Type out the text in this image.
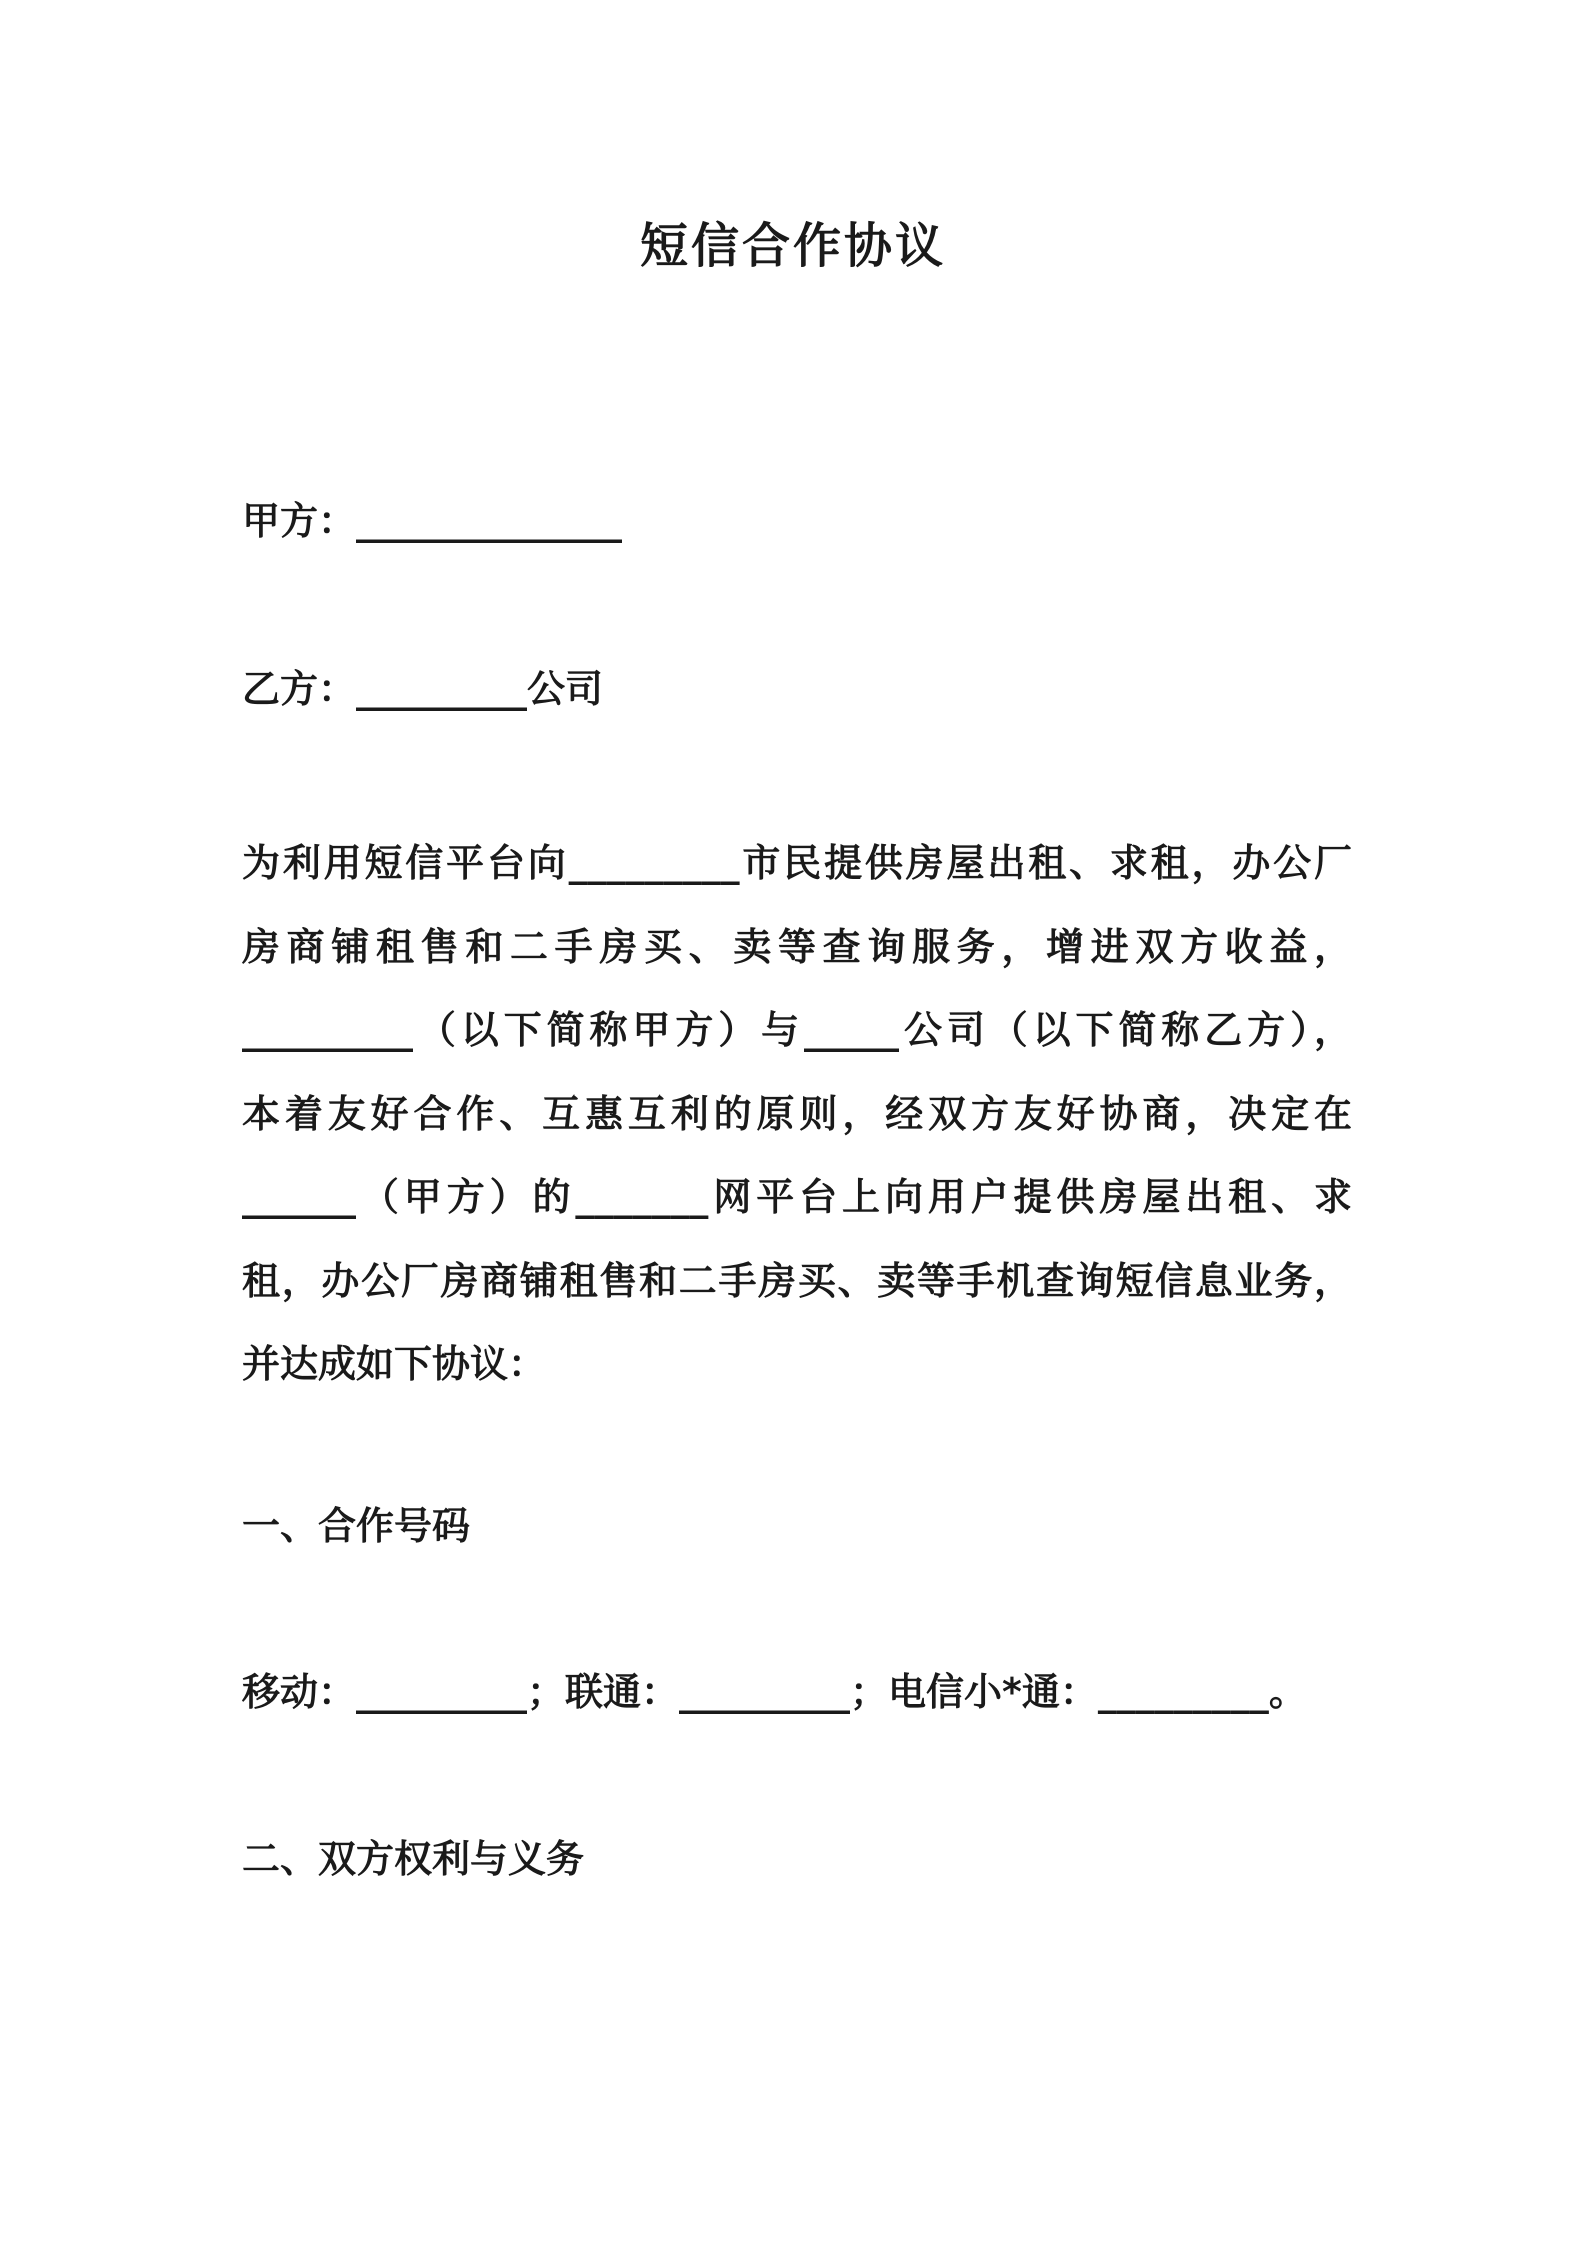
短信合作协议
甲方：______________
乙方：_________公司
为利用短信平台向_________市民提供房屋出租、求租，办公厂
房商铺租售和二手房买、卖等查询服务，增进双方收益，
_________（以下简称甲方）与_____公司（以下简称乙方），
本着友好合作、互惠互利的原则，经双方友好协商，决定在
______（甲方）的_______网平台上向用户提供房屋出租、求
租，办公厂房商铺租售和二手房买、卖等手机查询短信息业务，
并达成如下协议：
一、合作号码
移动：_________；联通：_________；电信小*通：_________。
二、双方权利与义务
